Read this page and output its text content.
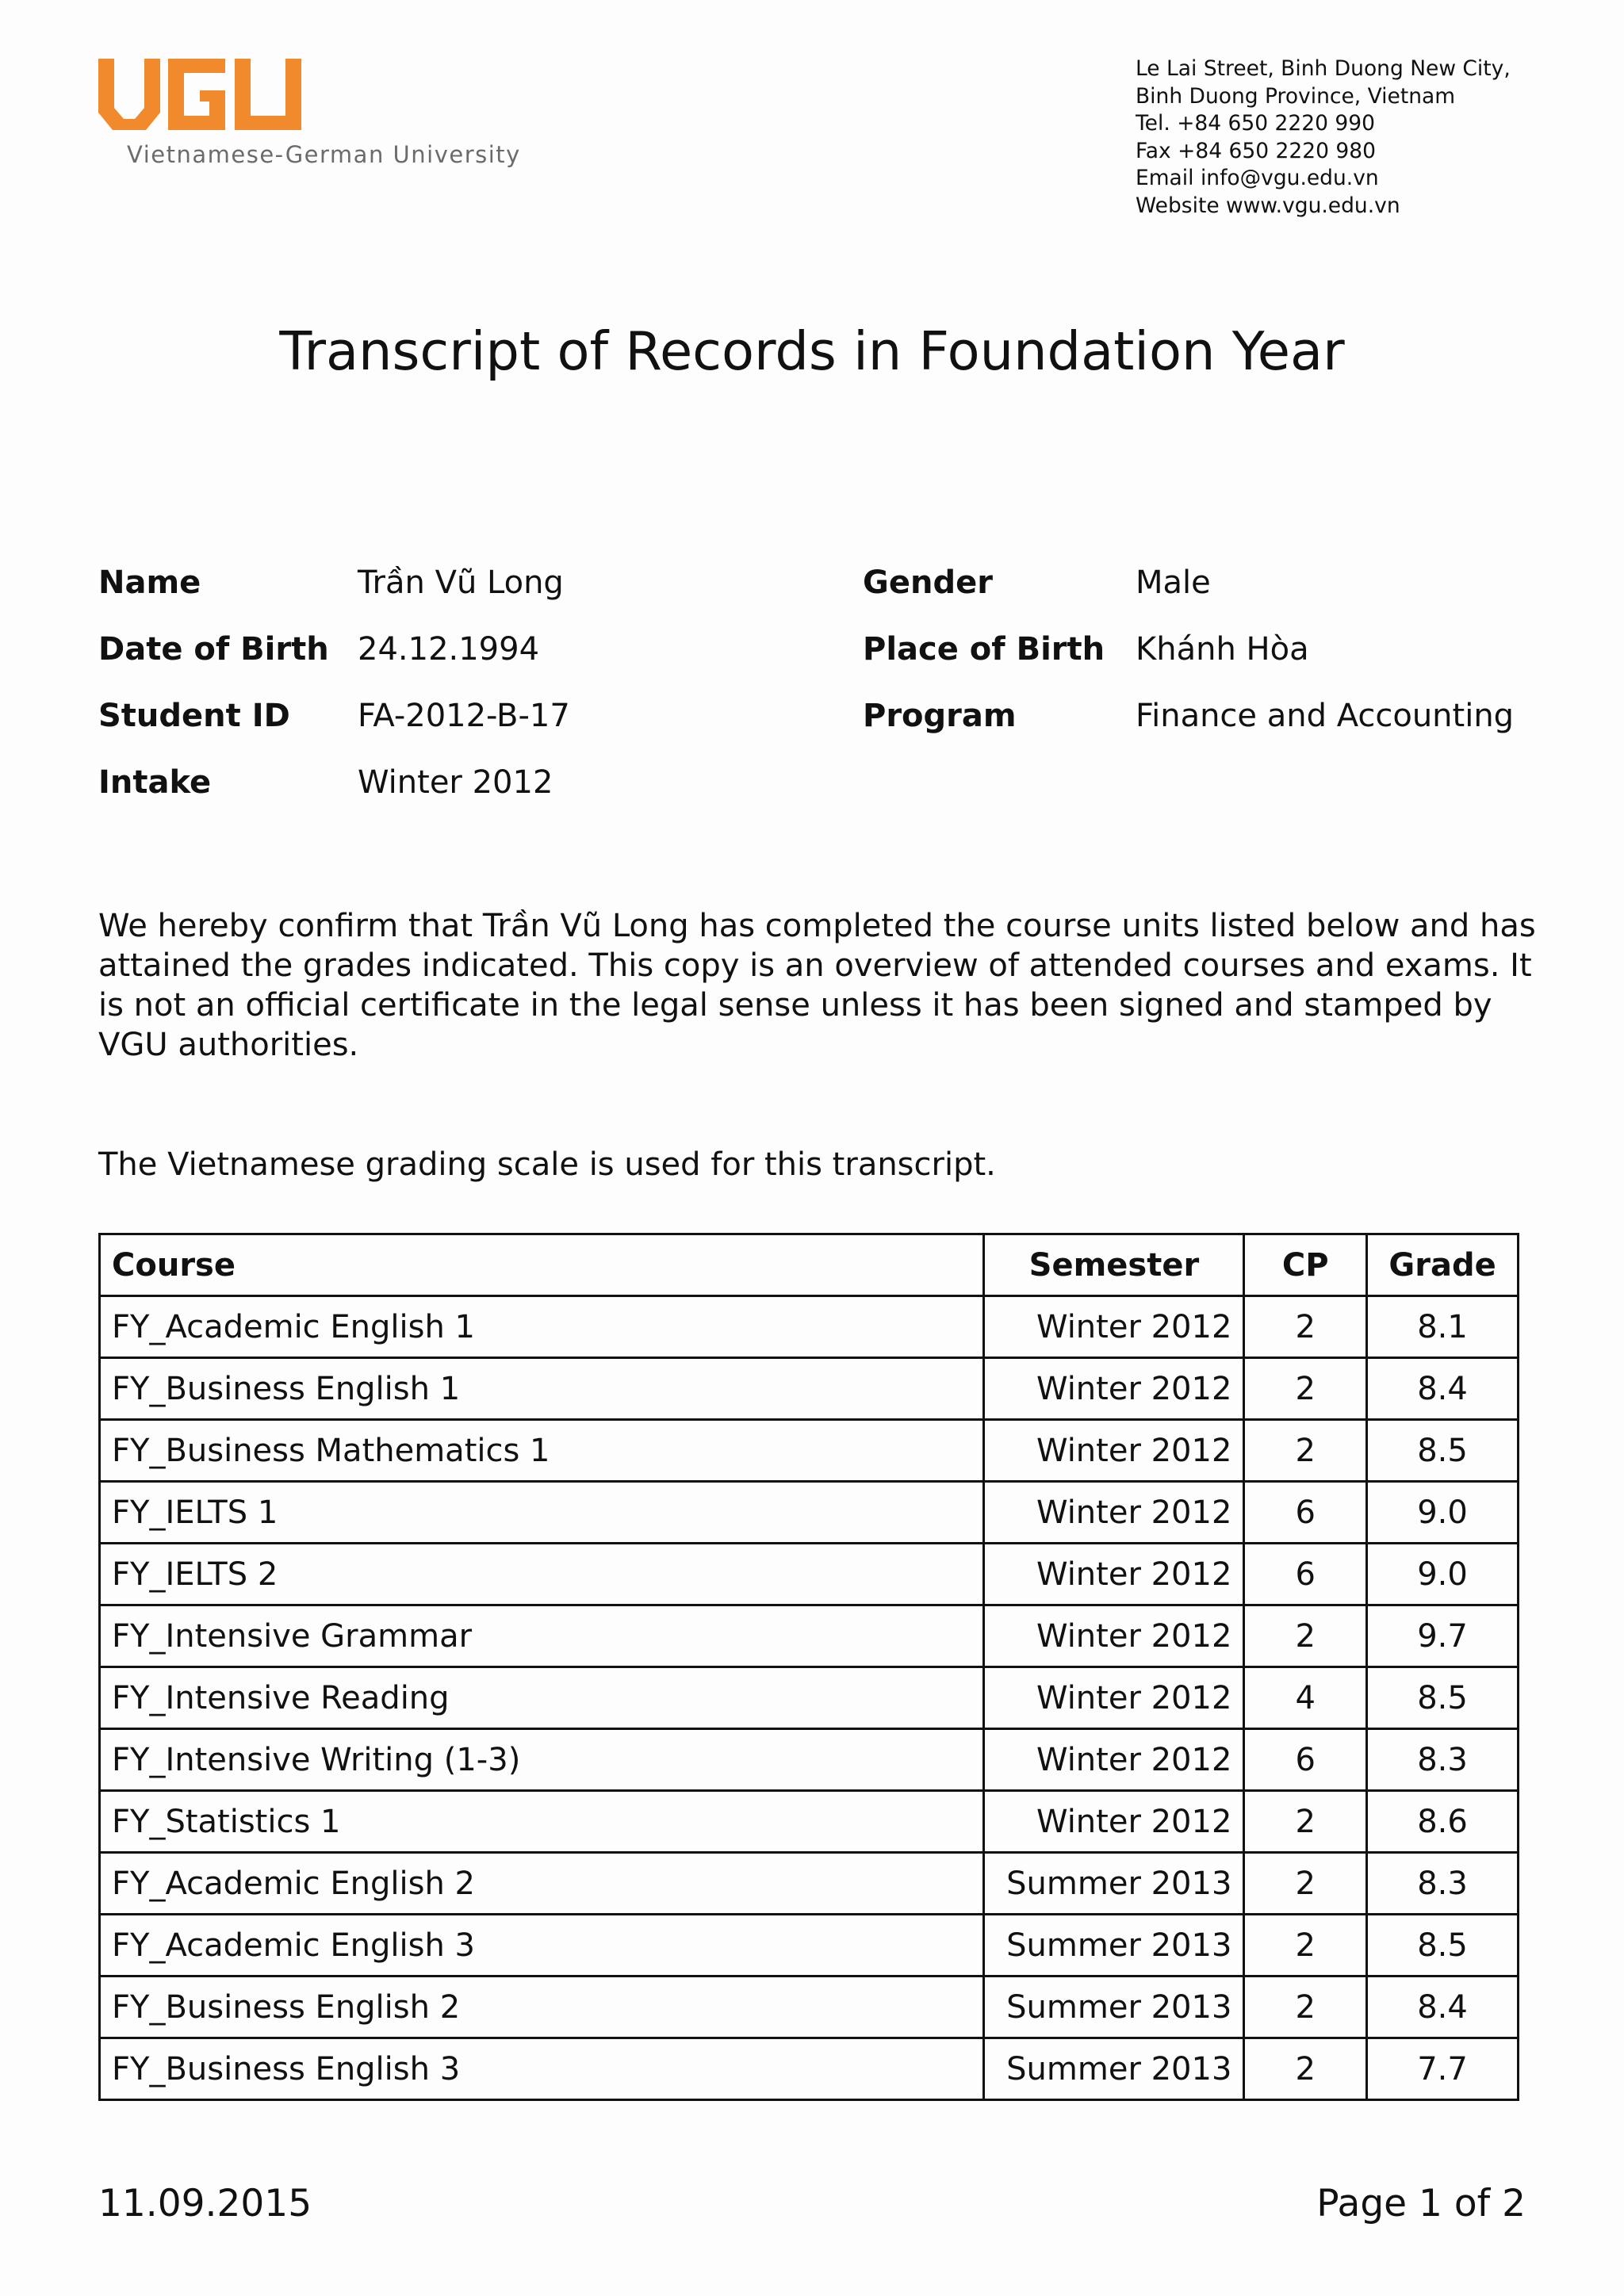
Vietnamese-German University
Le Lai Street, Binh Duong New City,
Binh Duong Province, Vietnam
Tel. +84 650 2220 990
Fax +84 650 2220 980
Email info@vgu.edu.vn
Website www.vgu.edu.vn
Transcript of Records in Foundation Year
Name	Trần Vũ Long
Date of Birth 24.12.1994
Student ID FA-2012-B-17
Intake	Winter 2012
Gender	Male
Place of Birth Khánh Hòa
Program	Finance and Accounting
We hereby confirm that Trần Vũ Long has completed the course units listed below and has attained the grades indicated. This copy is an overview of attended courses and exams. It is not an official certificate in the legal sense unless it has been signed and stamped by VGU authorities.
The Vietnamese grading scale is used for this transcript.
Course	Semester	CP	Grade
FY_Academic English 1	Winter 2012	2	8.1
FY_Business English 1	Winter 2012	2	8.4
FY_Business Mathematics 1	Winter 2012	2	8.5
FY_IELTS 1	Winter 2012	6	9.0
FY_IELTS 2	Winter 2012	6	9.0
FY_Intensive Grammar	Winter 2012	2	9.7
FY_Intensive Reading	Winter 2012	4	8.5
FY_Intensive Writing (1-3)	Winter 2012	6	8.3
FY_Statistics 1	Winter 2012	2	8.6
FY_Academic English 2	Summer 2013	2	8.3
FY_Academic English 3	Summer 2013	2	8.5
FY_Business English 2	Summer 2013	2	8.4
FY_Business English 3	Summer 2013	2	7.7
11.09.2015	Page 1 of 2
